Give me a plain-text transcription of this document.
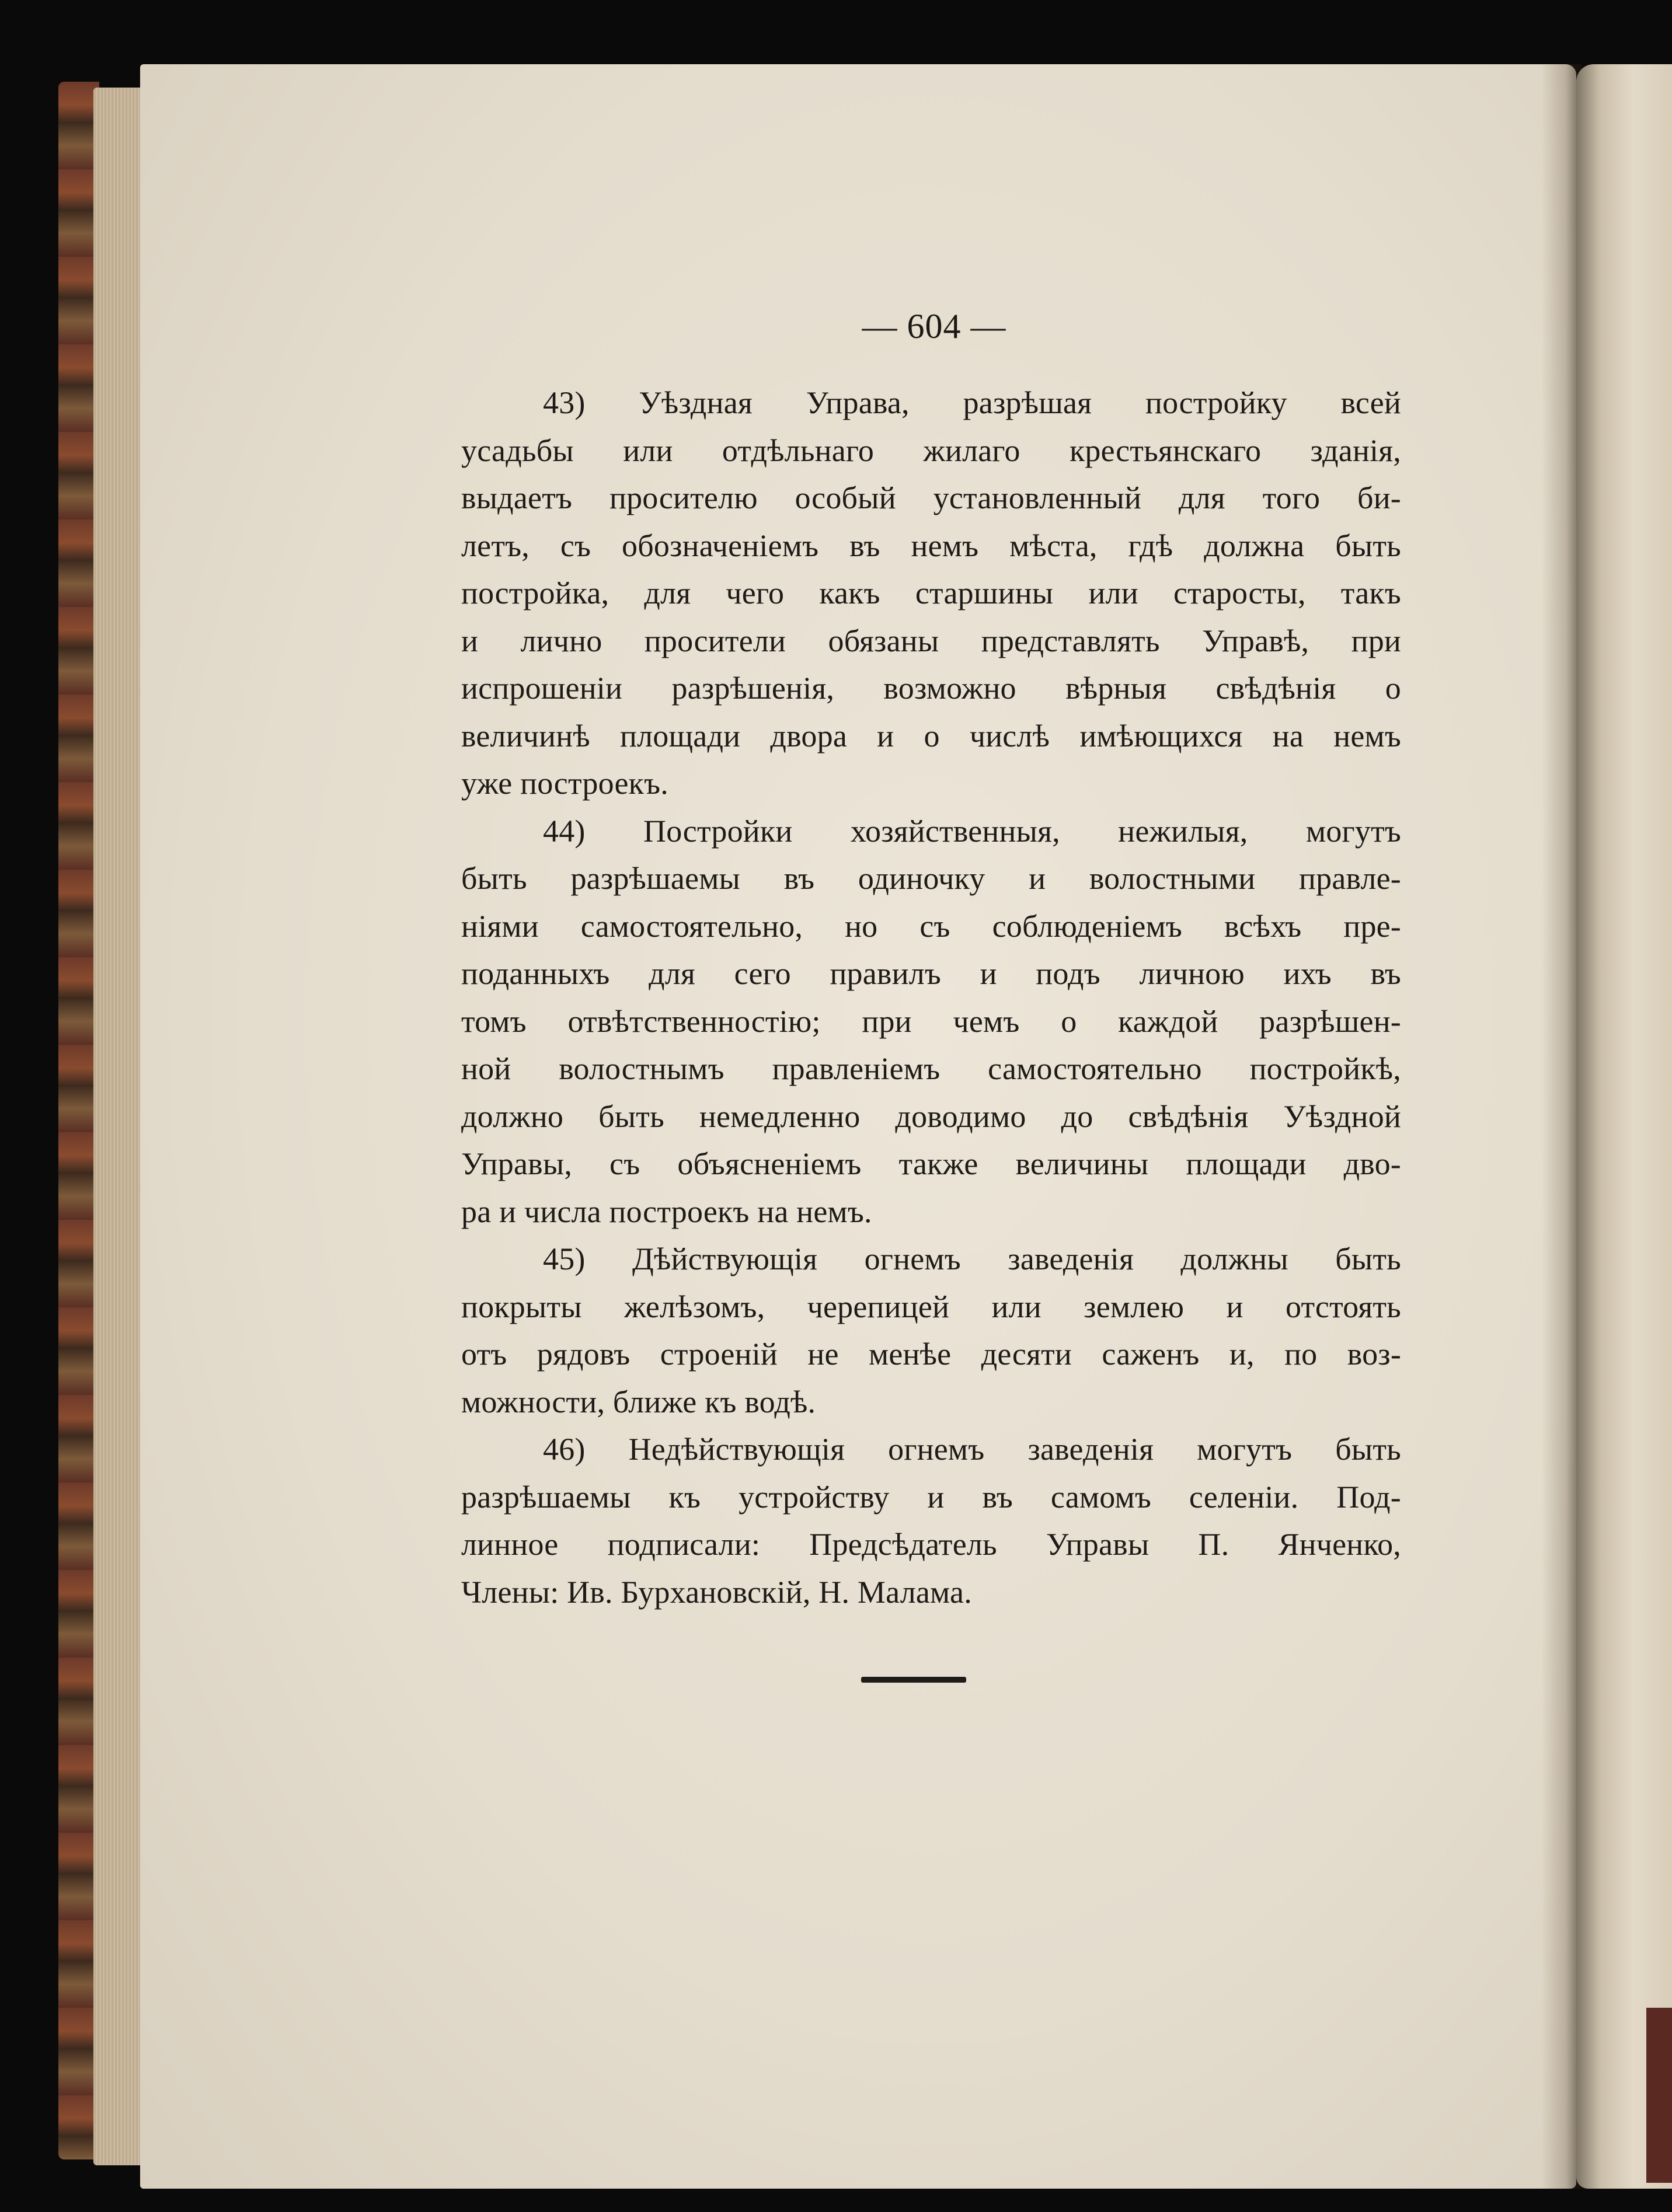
— 604 —
43) Уѣздная Управа, разрѣшая постройку всей
усадьбы или отдѣльнаго жилаго крестьянскаго зданія,
выдаетъ просителю особый установленный для того би-
летъ, съ обозначеніемъ въ немъ мѣста, гдѣ должна быть
постройка, для чего какъ старшины или старосты, такъ
и лично просители обязаны представлять Управѣ, при
испрошеніи разрѣшенія, возможно вѣрныя свѣдѣнія о
величинѣ площади двора и о числѣ имѣющихся на немъ
уже построекъ.
44) Постройки хозяйственныя, нежилыя, могутъ
быть разрѣшаемы въ одиночку и волостными правле-
ніями самостоятельно, но съ соблюденіемъ всѣхъ пре-
поданныхъ для сего правилъ и подъ личною ихъ въ
томъ отвѣтственностію; при чемъ о каждой разрѣшен-
ной волостнымъ правленіемъ самостоятельно постройкѣ,
должно быть немедленно доводимо до свѣдѣнія Уѣздной
Управы, съ объясненіемъ также величины площади дво-
ра и числа построекъ на немъ.
45) Дѣйствующія огнемъ заведенія должны быть
покрыты желѣзомъ, черепицей или землею и отстоять
отъ рядовъ строеній не менѣе десяти саженъ и, по воз-
можности, ближе къ водѣ.
46) Недѣйствующія огнемъ заведенія могутъ быть
разрѣшаемы къ устройству и въ самомъ селеніи. Под-
линное подписали: Предсѣдатель Управы П. Янченко,
Члены: Ив. Бурхановскій, Н. Малама.
